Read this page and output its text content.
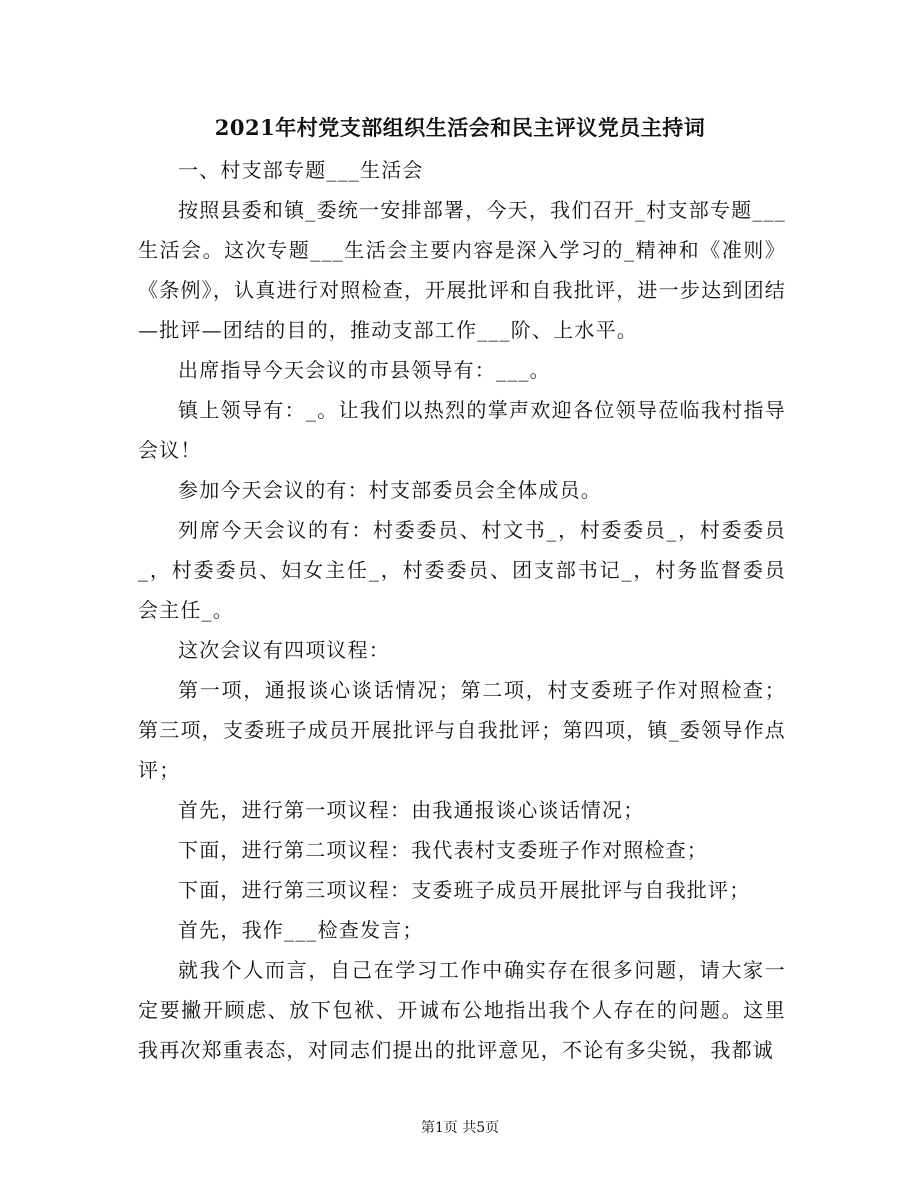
2021年村党支部组织生活会和民主评议党员主持词

一、村支部专题___生活会

按照县委和镇_委统一安排部署，今天，我们召开_村支部专题___生活会。这次专题___生活会主要内容是深入学习的_精神和《准则》《条例》，认真进行对照检查，开展批评和自我批评，进一步达到团结—批评—团结的目的，推动支部工作___阶、上水平。

出席指导今天会议的市县领导有：___。

镇上领导有：_。让我们以热烈的掌声欢迎各位领导莅临我村指导会议！

参加今天会议的有：村支部委员会全体成员。

列席今天会议的有：村委委员、村文书_，村委委员_，村委委员_，村委委员、妇女主任_，村委委员、团支部书记_，村务监督委员会主任_。

这次会议有四项议程：

第一项，通报谈心谈话情况；第二项，村支委班子作对照检查；第三项，支委班子成员开展批评与自我批评；第四项，镇_委领导作点评；

首先，进行第一项议程：由我通报谈心谈话情况；

下面，进行第二项议程：我代表村支委班子作对照检查；

下面，进行第三项议程：支委班子成员开展批评与自我批评；

首先，我作___检查发言；

就我个人而言，自己在学习工作中确实存在很多问题，请大家一定要撇开顾虑、放下包袱、开诚布公地指出我个人存在的问题。这里我再次郑重表态，对同志们提出的批评意见，不论有多尖锐，我都诚

第1页 共5页
